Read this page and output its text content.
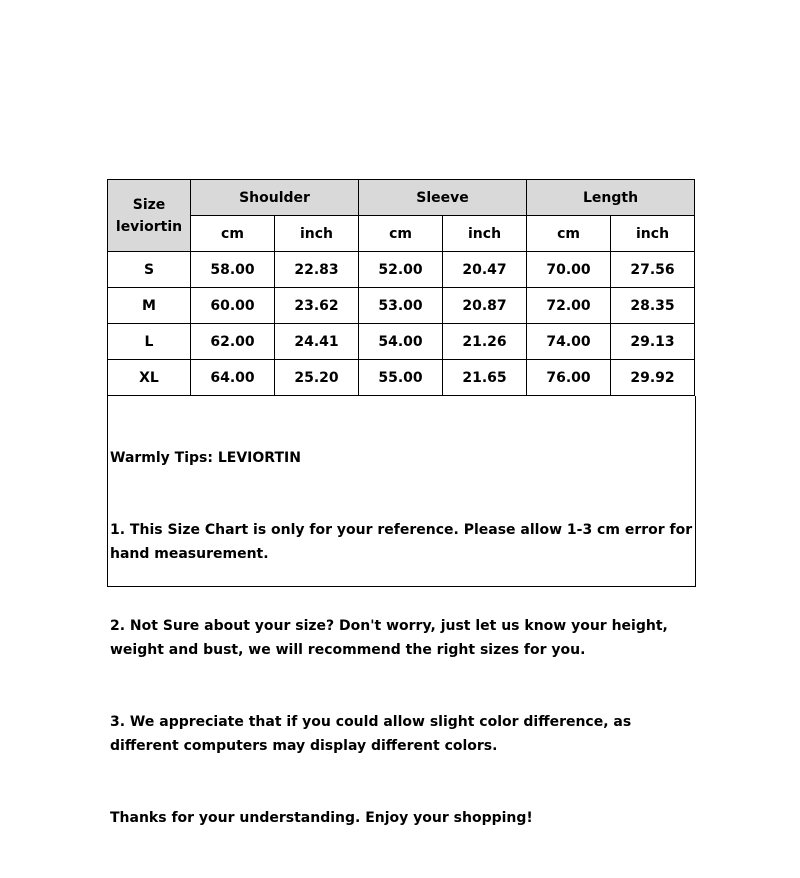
Size
leviortin	Shoulder		Sleeve		Length	
	cm	inch	cm	inch	cm	inch
S	58.00	22.83	52.00	20.47	70.00	27.56
M	60.00	23.62	53.00	20.87	72.00	28.35
L	62.00	24.41	54.00	21.26	74.00	29.13
XL	64.00	25.20	55.00	21.65	76.00	29.92

Warmly Tips: LEVIORTIN

1. This Size Chart is only for your reference. Please allow 1-3 cm error for hand measurement.

2. Not Sure about your size? Don't worry, just let us know your height, weight and bust, we will recommend the right sizes for you.

3. We appreciate that if you could allow slight color difference, as different computers may display different colors.

Thanks for your understanding. Enjoy your shopping!
